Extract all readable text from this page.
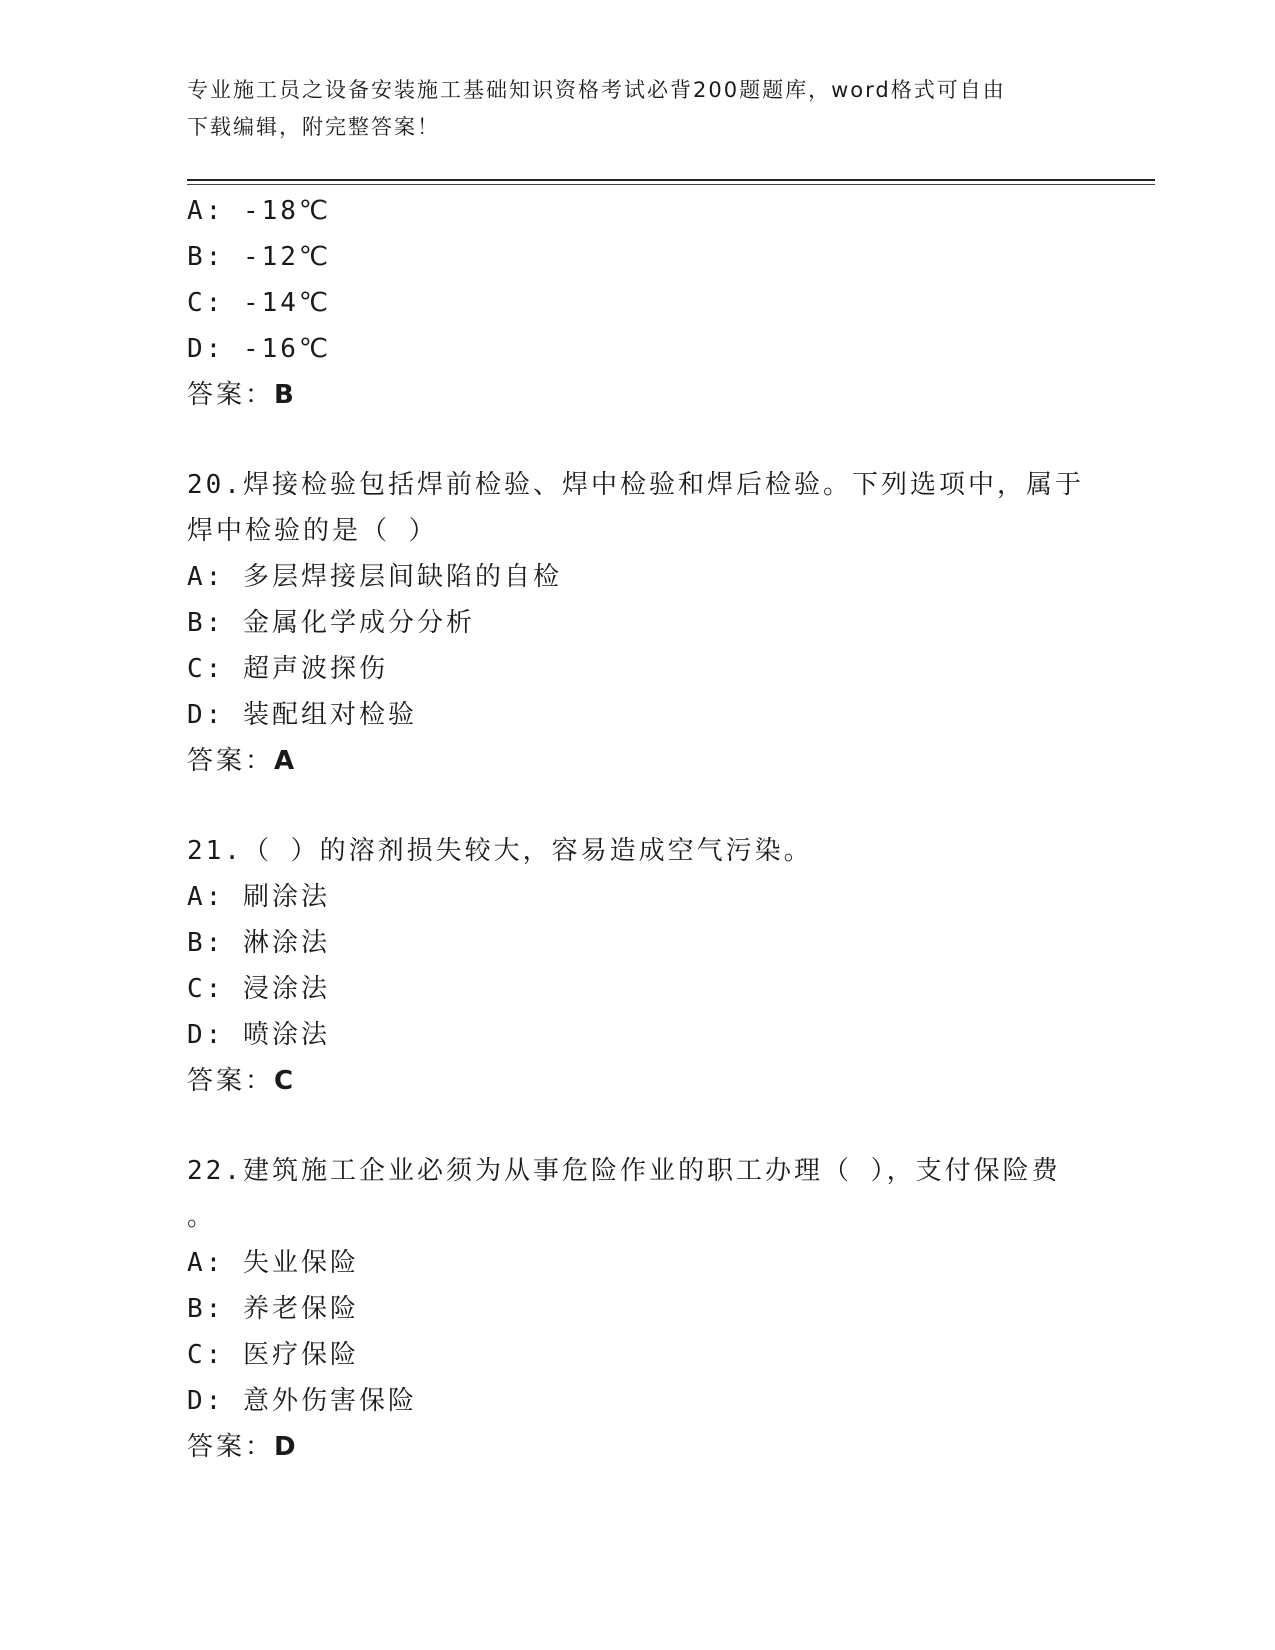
专业施工员之设备安装施工基础知识资格考试必背200题题库，word格式可自由
下载编辑，附完整答案！
A: -18℃
B: -12℃
C: -14℃
D: -16℃
答案：B
20.焊接检验包括焊前检验、焊中检验和焊后检验。下列选项中，属于
焊中检验的是（ ）
A: 多层焊接层间缺陷的自检
B: 金属化学成分分析
C: 超声波探伤
D: 装配组对检验
答案：A
21.（ ）的溶剂损失较大，容易造成空气污染。
A: 刷涂法
B: 淋涂法
C: 浸涂法
D: 喷涂法
答案：C
22.建筑施工企业必须为从事危险作业的职工办理（ ），支付保险费
。
A: 失业保险
B: 养老保险
C: 医疗保险
D: 意外伤害保险
答案：D
